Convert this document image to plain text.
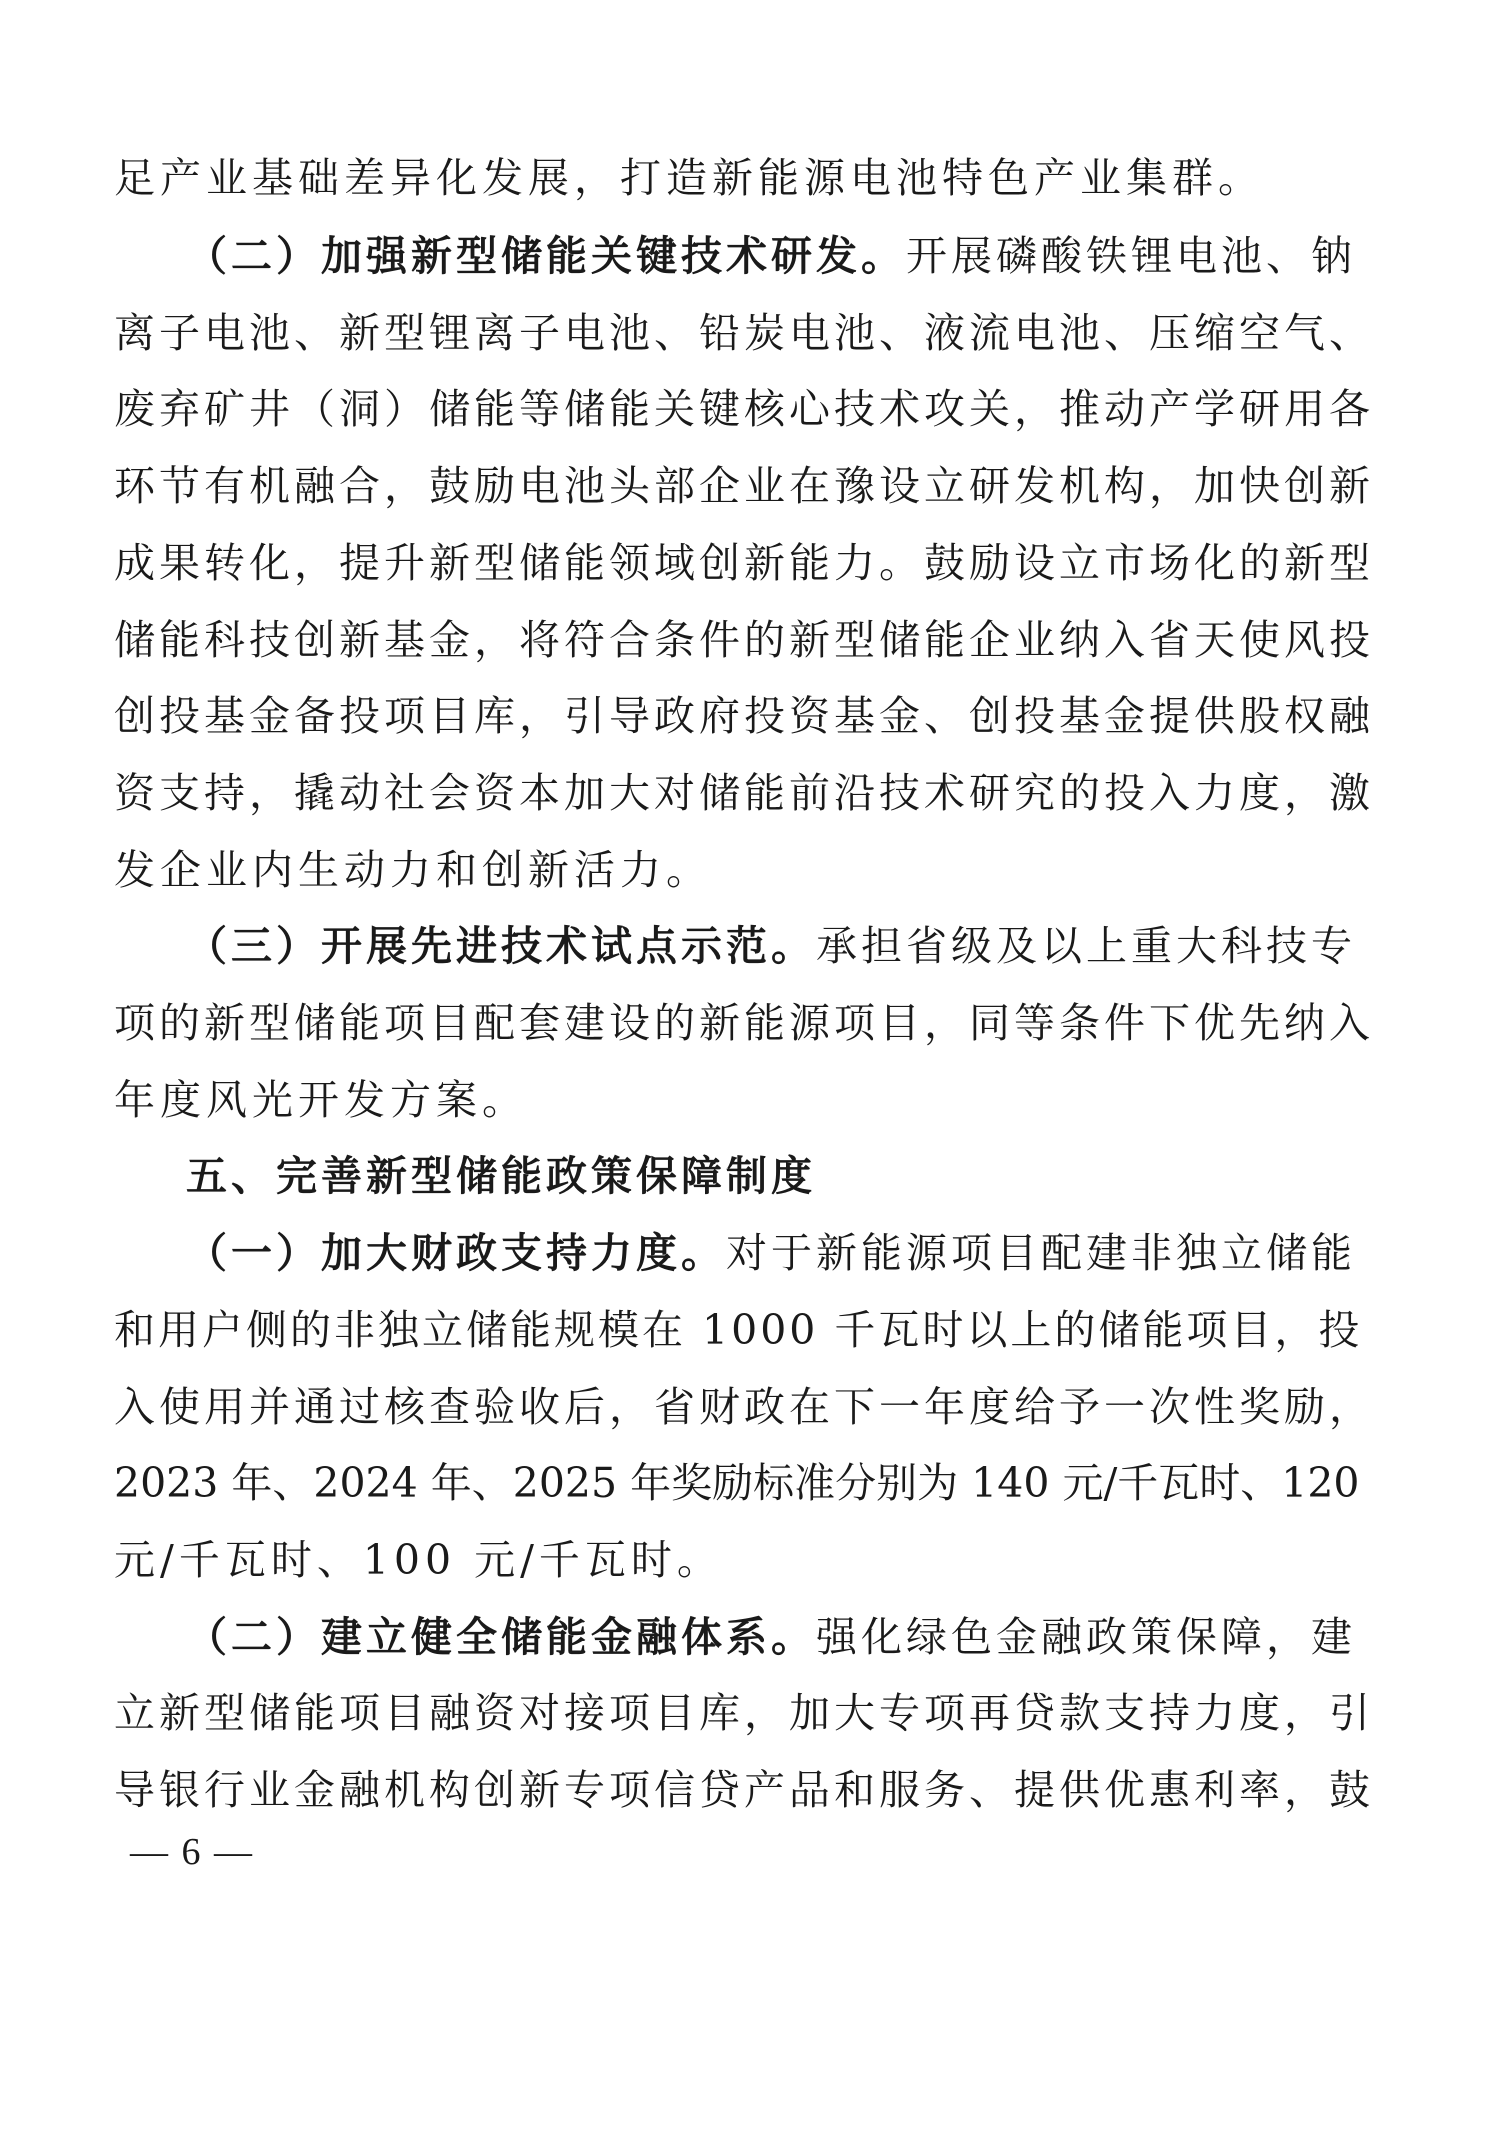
足产业基础差异化发展，打造新能源电池特色产业集群。
（二）加强新型储能关键技术研发。开展磷酸铁锂电池、钠
离子电池、新型锂离子电池、铅炭电池、液流电池、压缩空气、
废弃矿井（洞）储能等储能关键核心技术攻关，推动产学研用各
环节有机融合，鼓励电池头部企业在豫设立研发机构，加快创新
成果转化，提升新型储能领域创新能力。鼓励设立市场化的新型
储能科技创新基金，将符合条件的新型储能企业纳入省天使风投
创投基金备投项目库，引导政府投资基金、创投基金提供股权融
资支持，撬动社会资本加大对储能前沿技术研究的投入力度，激
发企业内生动力和创新活力。
（三）开展先进技术试点示范。承担省级及以上重大科技专
项的新型储能项目配套建设的新能源项目，同等条件下优先纳入
年度风光开发方案。
五、完善新型储能政策保障制度
（一）加大财政支持力度。对于新能源项目配建非独立储能
和用户侧的非独立储能规模在 1000 千瓦时以上的储能项目，投
入使用并通过核查验收后，省财政在下一年度给予一次性奖励，
2023 年、2024 年、2025 年奖励标准分别为 140 元/千瓦时、120
元/千瓦时、100 元/千瓦时。
（二）建立健全储能金融体系。强化绿色金融政策保障，建
立新型储能项目融资对接项目库，加大专项再贷款支持力度，引
导银行业金融机构创新专项信贷产品和服务、提供优惠利率，鼓
— 6 —
